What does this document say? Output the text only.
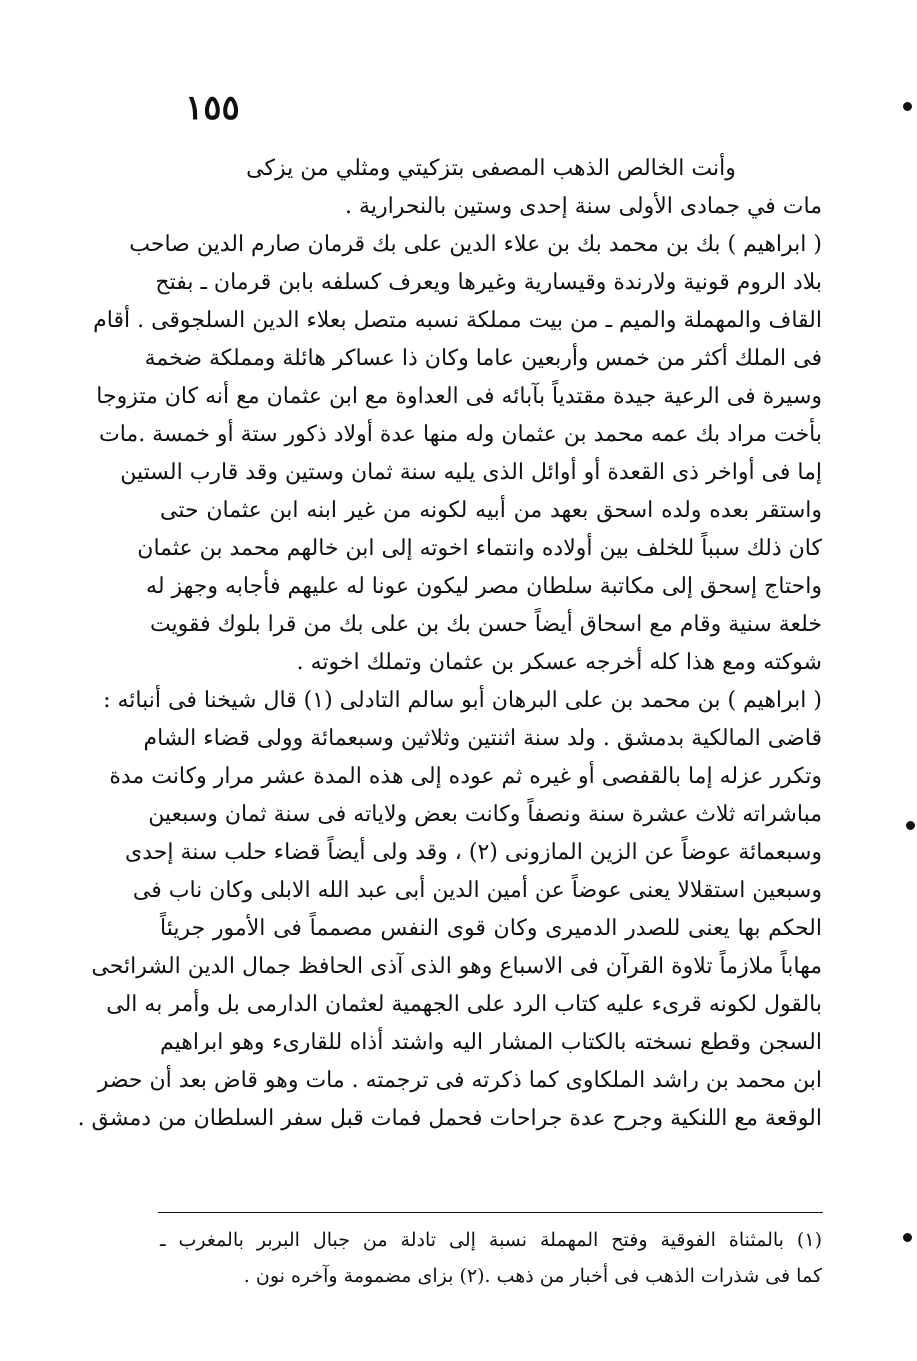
١٥٥
وأنت الخالص الذهب المصفى بتزكيتي ومثلي من يزكى
مات في جمادى الأولى سنة إحدى وستين بالنحرارية .
( ابراهيم ) بك بن محمد بك بن علاء الدين على بك قرمان صارم الدين صاحب
بلاد الروم قونية ولارندة وقيسارية وغيرها ويعرف كسلفه بابن قرمان ـ بفتح
القاف والمهملة والميم ـ من بيت مملكة نسبه متصل بعلاء الدين السلجوقى . أقام
فى الملك أكثر من خمس وأربعين عاما وكان ذا عساكر هائلة ومملكة ضخمة
وسيرة فى الرعية جيدة مقتدياً بآبائه فى العداوة مع ابن عثمان مع أنه كان متزوجا
بأخت مراد بك عمه محمد بن عثمان وله منها عدة أولاد ذكور ستة أو خمسة .مات
إما فى أواخر ذى القعدة أو أوائل الذى يليه سنة ثمان وستين وقد قارب الستين
واستقر بعده ولده اسحق بعهد من أبيه لكونه من غير ابنه ابن عثمان حتى
كان ذلك سبباً للخلف بين أولاده وانتماء اخوته إلى ابن خالهم محمد بن عثمان
واحتاج إسحق إلى مكاتبة سلطان مصر ليكون عونا له عليهم فأجابه وجهز له
خلعة سنية وقام مع اسحاق أيضاً حسن بك بن على بك من قرا بلوك فقويت
شوكته ومع هذا كله أخرجه عسكر بن عثمان وتملك اخوته .
( ابراهيم ) بن محمد بن على البرهان أبو سالم التادلى (١) قال شيخنا فى أنبائه :
قاضى المالكية بدمشق . ولد سنة اثنتين وثلاثين وسبعمائة وولى قضاء الشام
وتكرر عزله إما بالقفصى أو غيره ثم عوده إلى هذه المدة عشر مرار وكانت مدة
مباشراته ثلاث عشرة سنة ونصفاً وكانت بعض ولاياته فى سنة ثمان وسبعين
وسبعمائة عوضاً عن الزين المازونى (٢) ، وقد ولى أيضاً قضاء حلب سنة إحدى
وسبعين استقلالا يعنى عوضاً عن أمين الدين أبى عبد الله الابلى وكان ناب فى
الحكم بها يعنى للصدر الدميرى وكان قوى النفس مصمماً فى الأمور جريئاً
مهاباً ملازماً تلاوة القرآن فى الاسباع وهو الذى آذى الحافظ جمال الدين الشرائحى
بالقول لكونه قرىء عليه كتاب الرد على الجهمية لعثمان الدارمى بل وأمر به الى
السجن وقطع نسخته بالكتاب المشار اليه واشتد أذاه للقارىء وهو ابراهيم
ابن محمد بن راشد الملكاوى كما ذكرته فى ترجمته . مات وهو قاض بعد أن حضر
الوقعة مع اللنكية وجرح عدة جراحات فحمل فمات قبل سفر السلطان من دمشق .
(١) بالمثناة الفوقية وفتح المهملة نسبة إلى تادلة من جبال البربر بالمغرب ـ
كما فى شذرات الذهب فى أخبار من ذهب .(٢) بزاى مضمومة وآخره نون .
